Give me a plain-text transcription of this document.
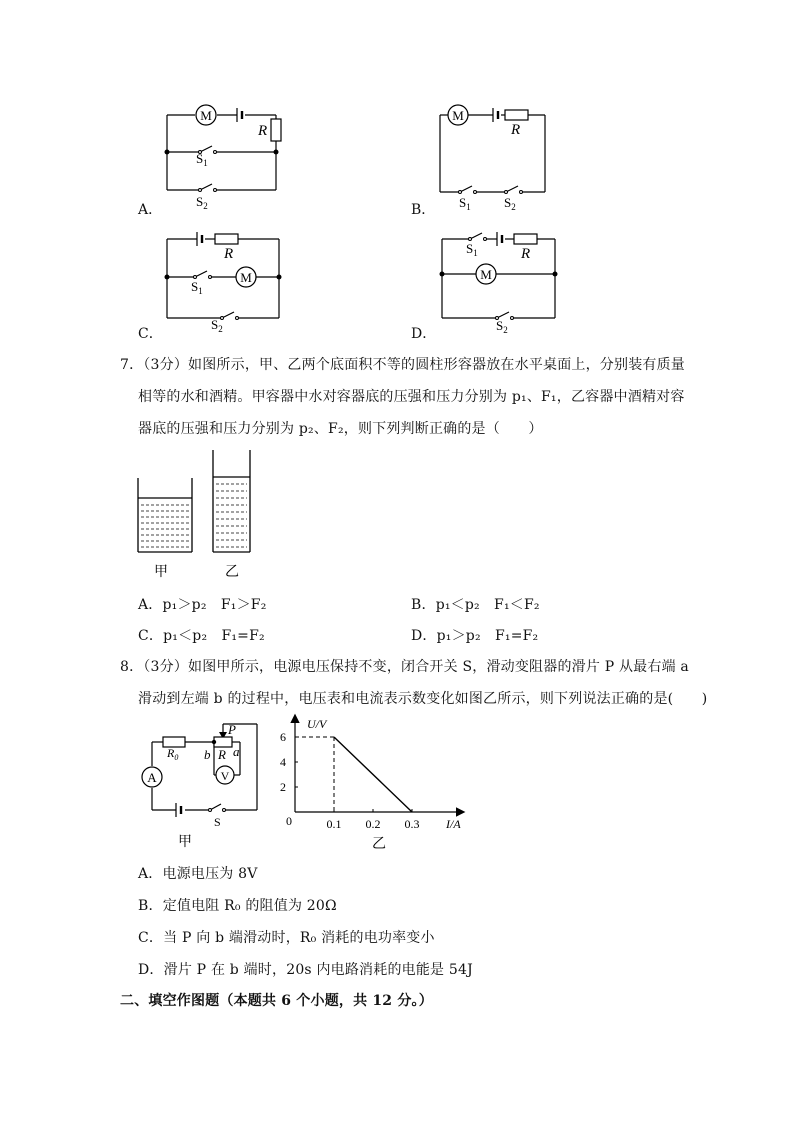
M
R
$S_1$
$S_2$
A．
M
R
$S_1$	$S_2$
B．
R
M
$S_1$
$S_2$
C．
R
M
$S_1$
$S_2$
D．
7．（3分）如图所示，甲、乙两个底面积不等的圆柱形容器放在水平桌面上，分别装有质量
相等的水和酒精。甲容器中水对容器底的压强和压力分别为 p₁、F₁，乙容器中酒精对容
器底的压强和压力分别为 p₂、F₂，则下列判断正确的是（　　）
甲	乙
A．p₁＞p₂　F₁＞F₂	B．p₁＜p₂　F₁＜F₂
C．p₁＜p₂　F₁=F₂	D．p₁＞p₂　F₁=F₂
8．（3分）如图甲所示，电源电压保持不变，闭合开关 S，滑动变阻器的滑片 P 从最右端 a
滑动到左端 b 的过程中，电压表和电流表示数变化如图乙所示，则下列说法正确的是(　　)
$R_0$
P
b R a
A	V
S
甲
U/V
I/A
0	0.1 0.2 0.3
2
4
6
乙
A．电源电压为 8V
B．定值电阻 R₀ 的阻值为 20Ω
C．当 P 向 b 端滑动时，R₀ 消耗的电功率变小
D．滑片 P 在 b 端时，20s 内电路消耗的电能是 54J
二、填空作图题（本题共 6 个小题，共 12 分。）
